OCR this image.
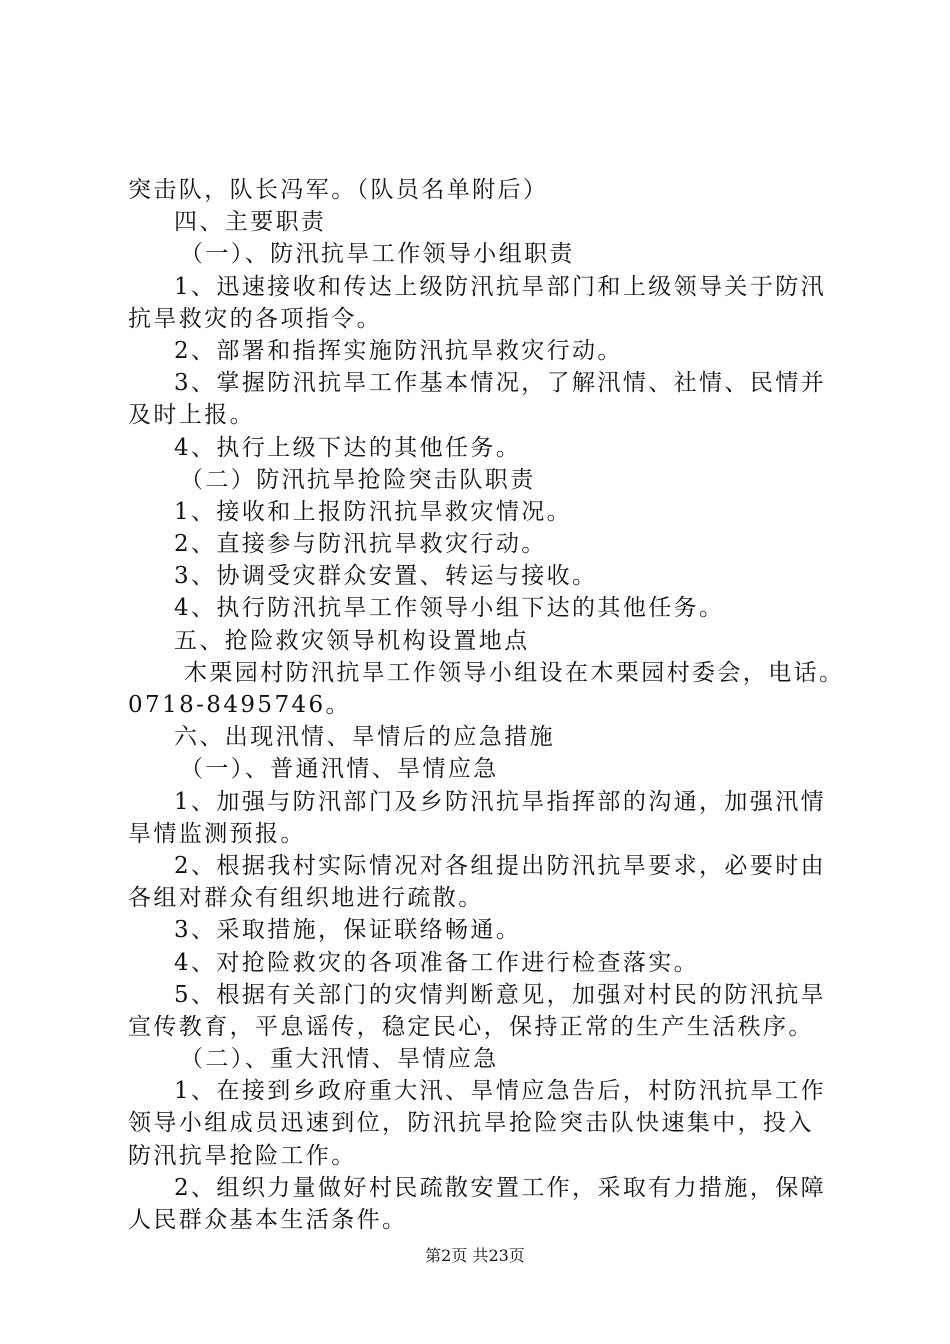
突击队，队长冯军。（队员名单附后）
四、主要职责
（一）、防汛抗旱工作领导小组职责
1、迅速接收和传达上级防汛抗旱部门和上级领导关于防汛
抗旱救灾的各项指令。
2、部署和指挥实施防汛抗旱救灾行动。
3、掌握防汛抗旱工作基本情况，了解汛情、社情、民情并
及时上报。
4、执行上级下达的其他任务。
（二）防汛抗旱抢险突击队职责
1、接收和上报防汛抗旱救灾情况。
2、直接参与防汛抗旱救灾行动。
3、协调受灾群众安置、转运与接收。
4、执行防汛抗旱工作领导小组下达的其他任务。
五、抢险救灾领导机构设置地点
木栗园村防汛抗旱工作领导小组设在木栗园村委会，电话。
0718-8495746。
六、出现汛情、旱情后的应急措施
（一）、普通汛情、旱情应急
1、加强与防汛部门及乡防汛抗旱指挥部的沟通，加强汛情
旱情监测预报。
2、根据我村实际情况对各组提出防汛抗旱要求，必要时由
各组对群众有组织地进行疏散。
3、采取措施，保证联络畅通。
4、对抢险救灾的各项准备工作进行检查落实。
5、根据有关部门的灾情判断意见，加强对村民的防汛抗旱
宣传教育，平息谣传，稳定民心，保持正常的生产生活秩序。
（二）、重大汛情、旱情应急
1、在接到乡政府重大汛、旱情应急告后，村防汛抗旱工作
领导小组成员迅速到位，防汛抗旱抢险突击队快速集中，投入
防汛抗旱抢险工作。
2、组织力量做好村民疏散安置工作，采取有力措施，保障
人民群众基本生活条件。
第2页 共23页
